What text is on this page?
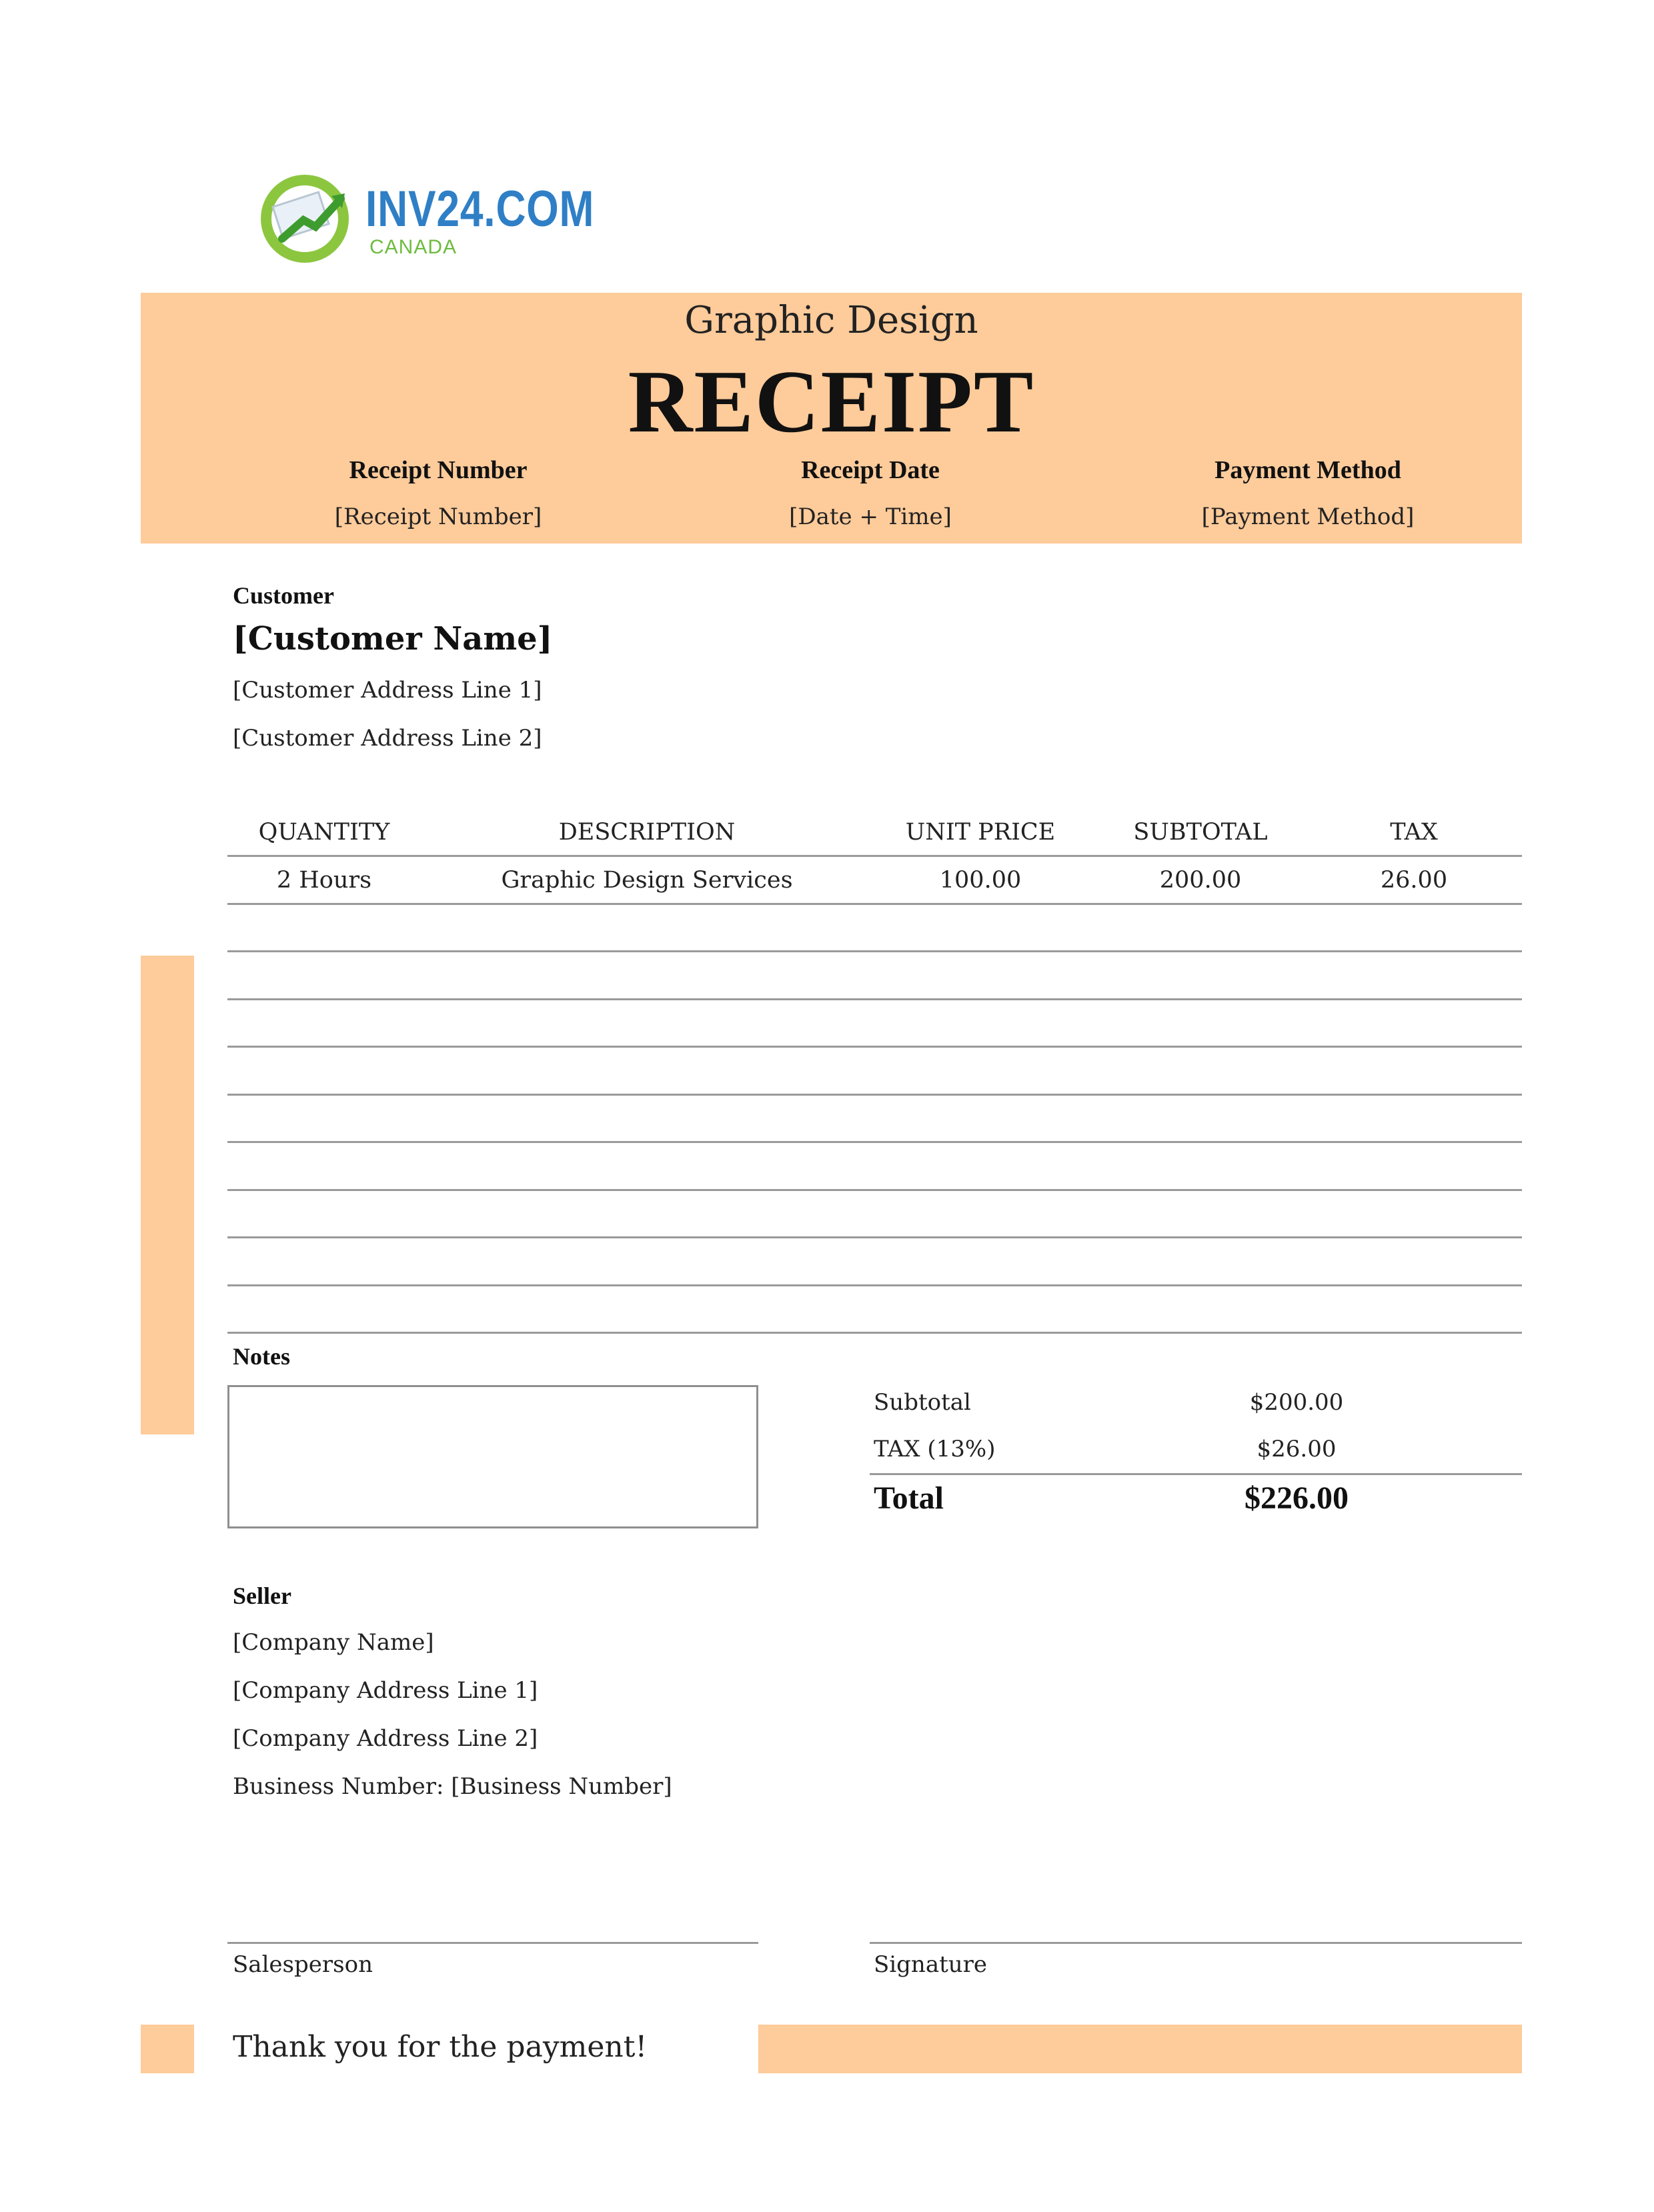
INV24.COM
CANADA
Graphic Design
RECEIPT
Receipt Number
[Receipt Number]
Receipt Date
[Date + Time]
Payment Method
[Payment Method]
Customer
[Customer Name]
[Customer Address Line 1]
[Customer Address Line 2]
QUANTITY	DESCRIPTION	UNIT PRICE	SUBTOTAL	TAX
2 Hours	Graphic Design Services	100.00	200.00	26.00
Notes
Subtotal	$200.00
TAX (13%)	$26.00
Total	$226.00
Seller
[Company Name]
[Company Address Line 1]
[Company Address Line 2]
Business Number: [Business Number]
Salesperson	Signature
Thank you for the payment!
